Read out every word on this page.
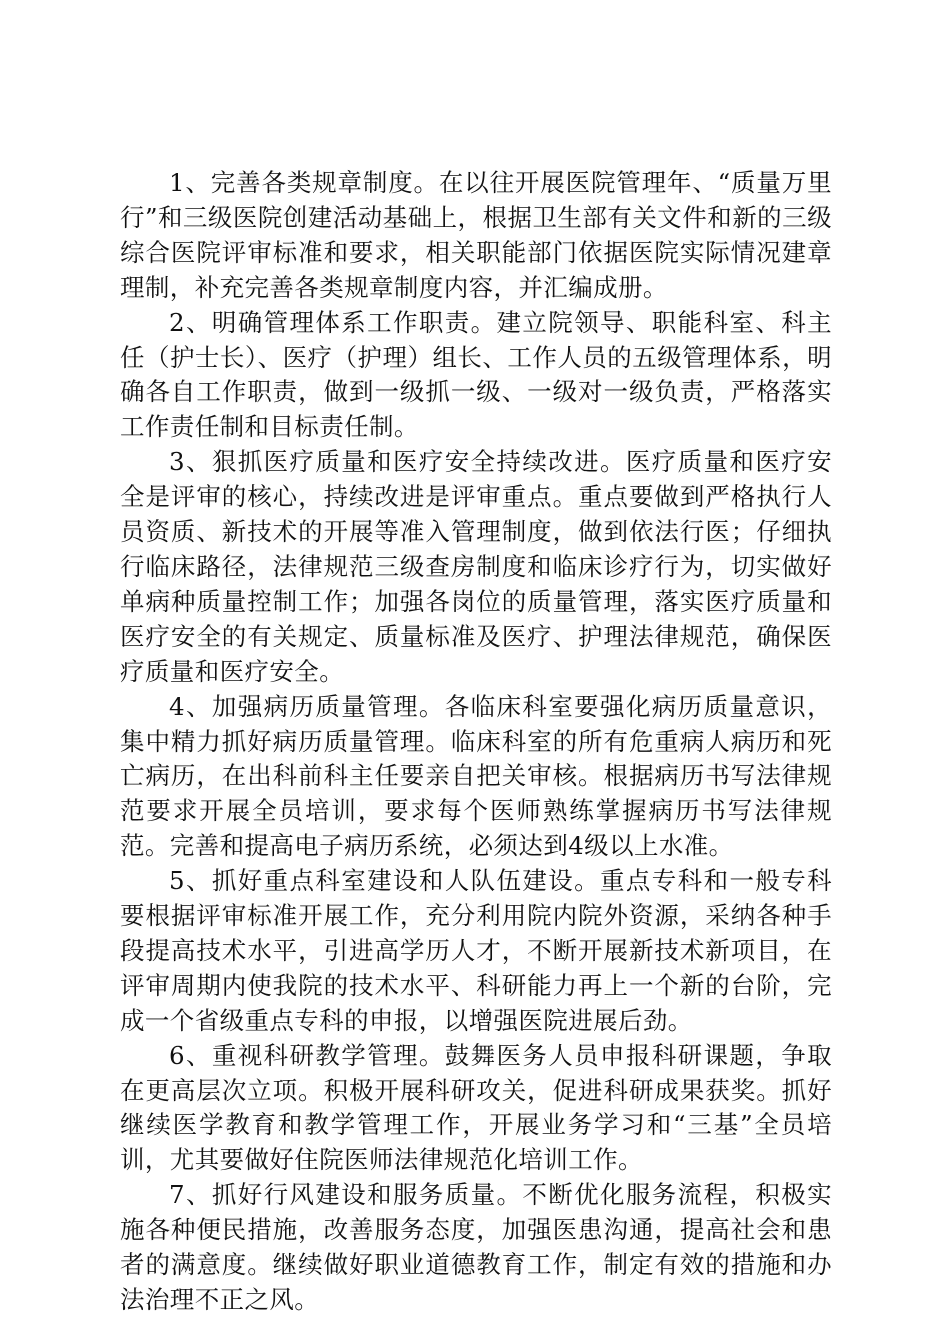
1、完善各类规章制度。在以往开展医院管理年、“质量万里行”和三级医院创建活动基础上，根据卫生部有关文件和新的三级综合医院评审标准和要求，相关职能部门依据医院实际情况建章理制，补充完善各类规章制度内容，并汇编成册。

2、明确管理体系工作职责。建立院领导、职能科室、科主任（护士长）、医疗（护理）组长、工作人员的五级管理体系，明确各自工作职责，做到一级抓一级、一级对一级负责，严格落实工作责任制和目标责任制。

3、狠抓医疗质量和医疗安全持续改进。医疗质量和医疗安全是评审的核心，持续改进是评审重点。重点要做到严格执行人员资质、新技术的开展等准入管理制度，做到依法行医；仔细执行临床路径，法律规范三级查房制度和临床诊疗行为，切实做好单病种质量控制工作；加强各岗位的质量管理，落实医疗质量和医疗安全的有关规定、质量标准及医疗、护理法律规范，确保医疗质量和医疗安全。

4、加强病历质量管理。各临床科室要强化病历质量意识，集中精力抓好病历质量管理。临床科室的所有危重病人病历和死亡病历，在出科前科主任要亲自把关审核。根据病历书写法律规范要求开展全员培训，要求每个医师熟练掌握病历书写法律规范。完善和提高电子病历系统，必须达到4级以上水准。

5、抓好重点科室建设和人队伍建设。重点专科和一般专科要根据评审标准开展工作，充分利用院内院外资源，采纳各种手段提高技术水平，引进高学历人才，不断开展新技术新项目，在评审周期内使我院的技术水平、科研能力再上一个新的台阶，完成一个省级重点专科的申报，以增强医院进展后劲。

6、重视科研教学管理。鼓舞医务人员申报科研课题，争取在更高层次立项。积极开展科研攻关，促进科研成果获奖。抓好继续医学教育和教学管理工作，开展业务学习和“三基”全员培训，尤其要做好住院医师法律规范化培训工作。

7、抓好行风建设和服务质量。不断优化服务流程，积极实施各种便民措施，改善服务态度，加强医患沟通，提高社会和患者的满意度。继续做好职业道德教育工作，制定有效的措施和办法治理不正之风。
